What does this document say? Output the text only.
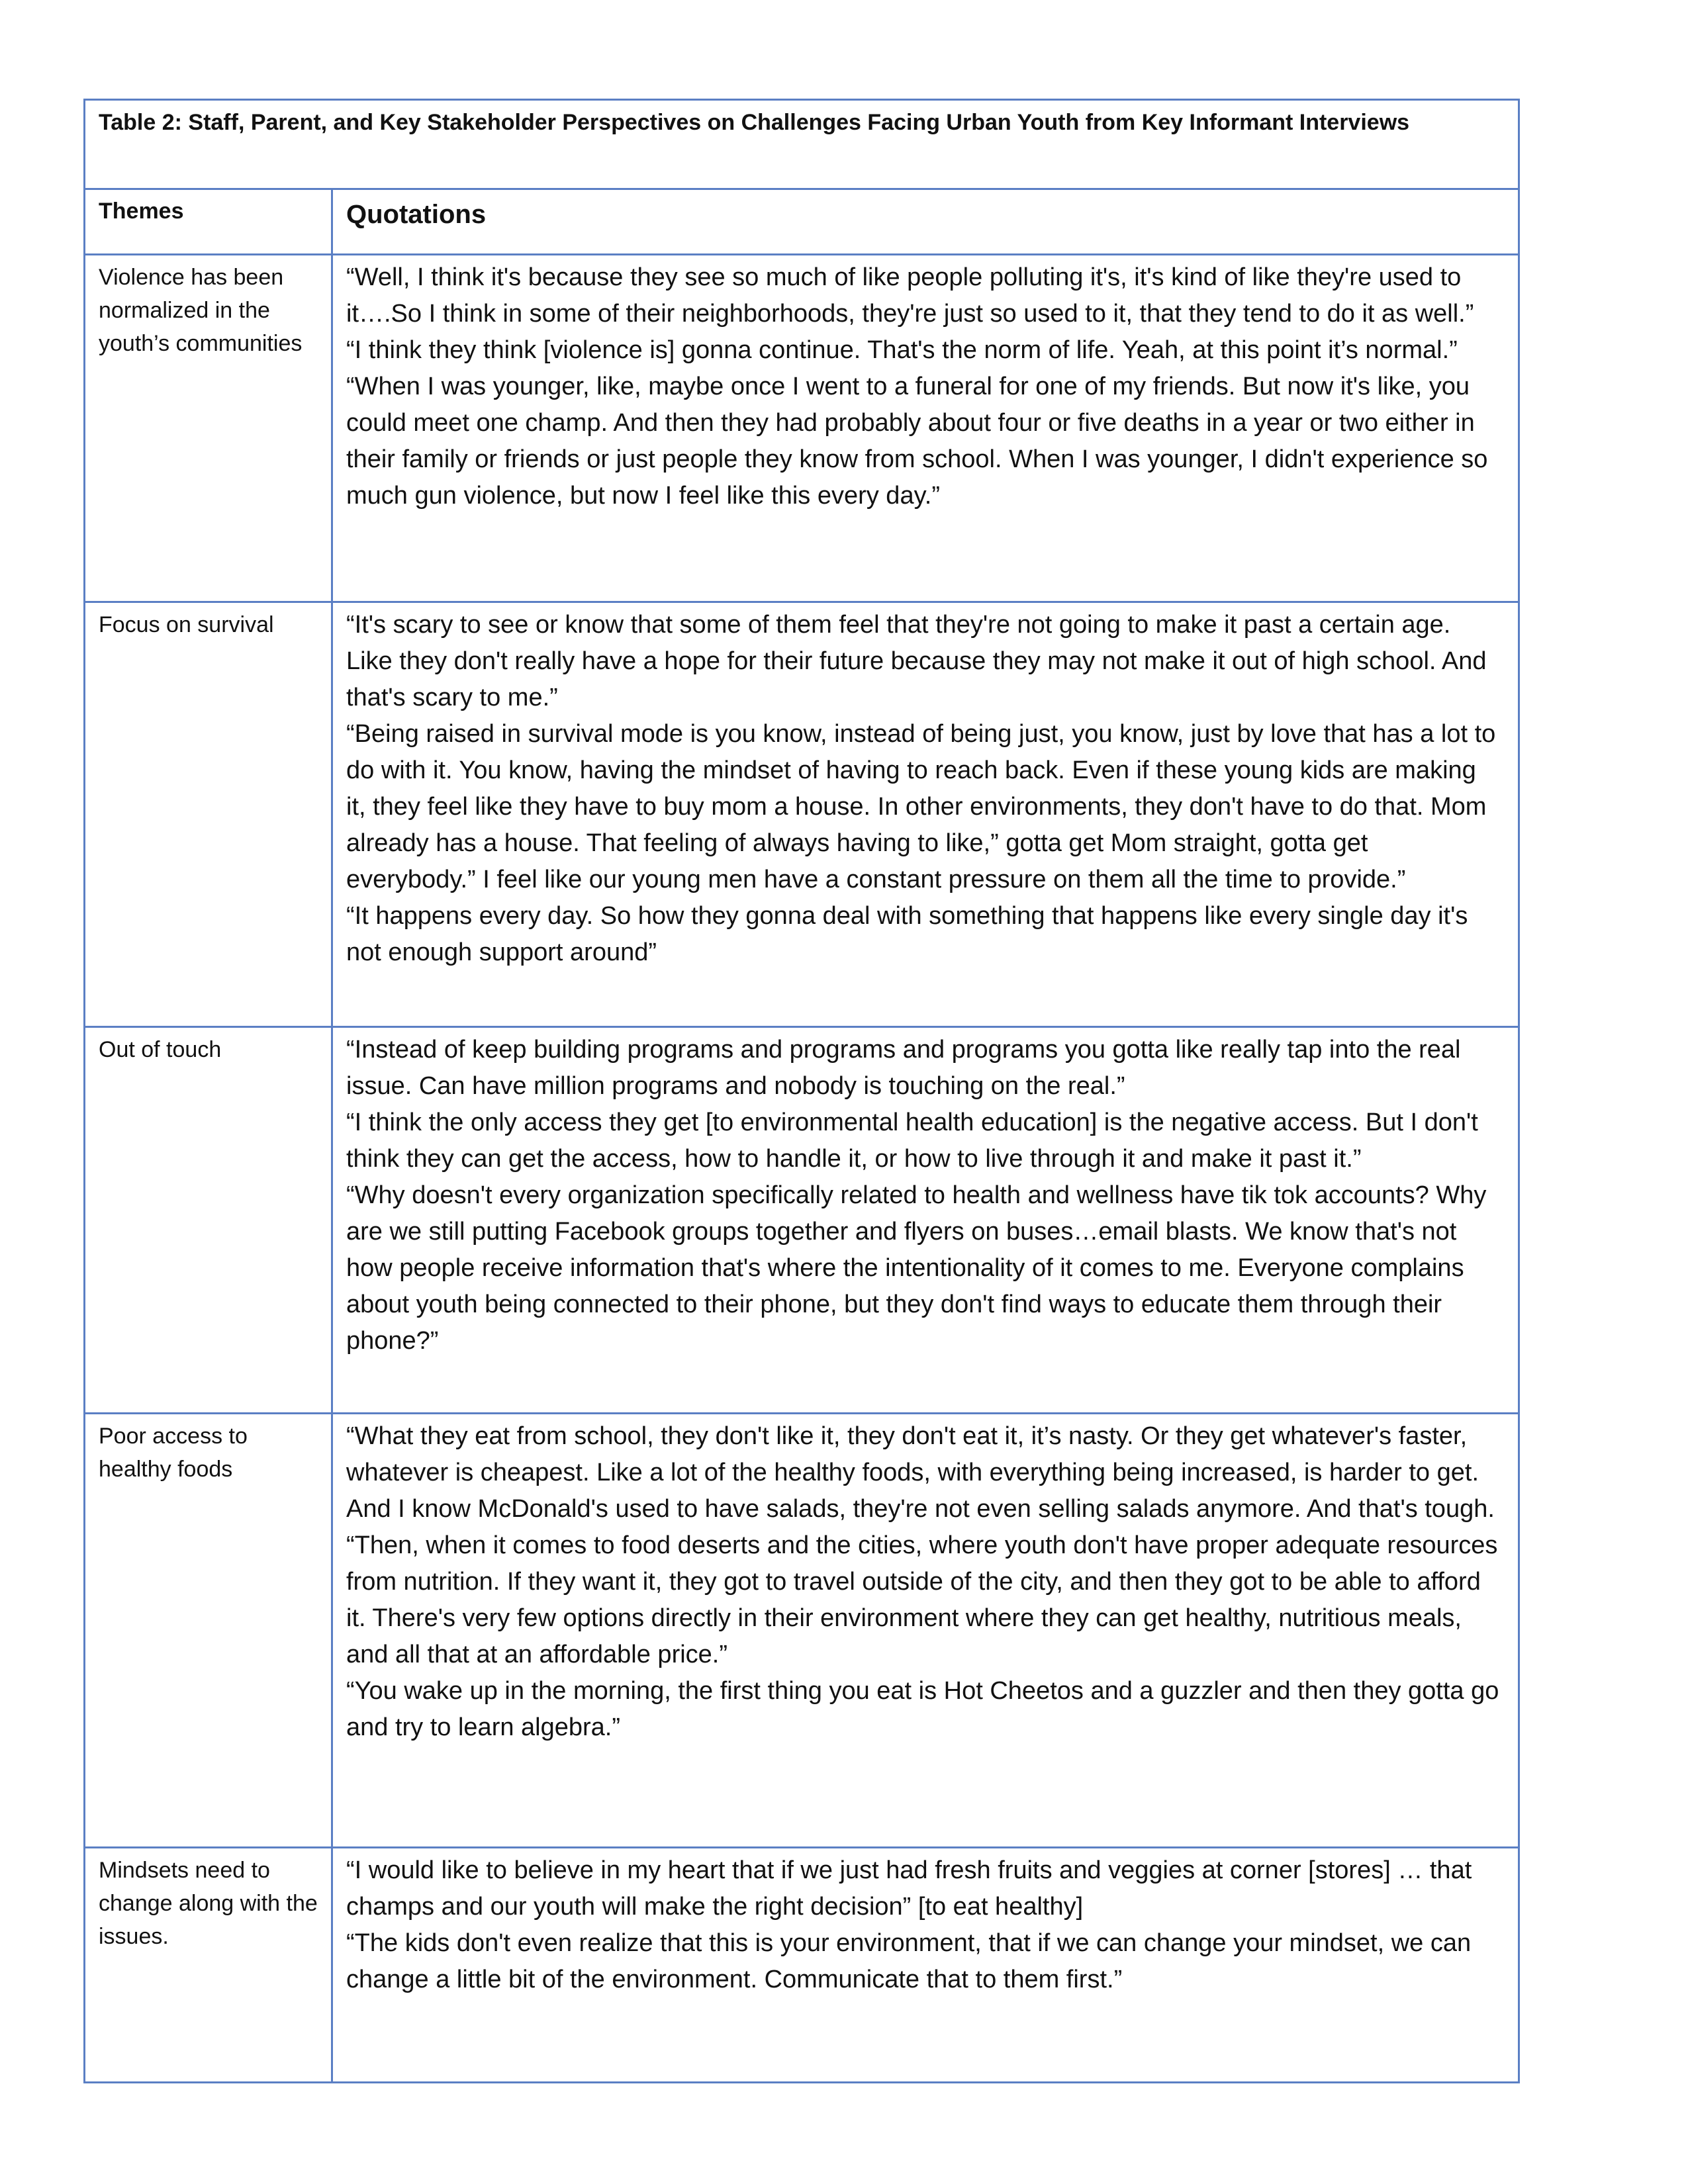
Table 2: Staff, Parent, and Key Stakeholder Perspectives on Challenges Facing Urban Youth from Key Informant Interviews	
Themes	Quotations
Violence has been normalized in the youth’s communities	“Well, I think it's because they see so much of like people polluting it's, it's kind of like they're used to it….So I think in some of their neighborhoods, they're just so used to it, that they tend to do it as well.”

“I think they think [violence is] gonna continue. That's the norm of life. Yeah, at this point it’s normal.”

“When I was younger, like, maybe once I went to a funeral for one of my friends. But now it's like, you could meet one champ. And then they had probably about four or five deaths in a year or two either in their family or friends or just people they know from school. When I was younger, I didn't experience so much gun violence, but now I feel like this every day.”

Focus on survival	“It's scary to see or know that some of them feel that they're not going to make it past a certain age. Like they don't really have a hope for their future because they may not make it out of high school. And that's scary to me.”

“Being raised in survival mode is you know, instead of being just, you know, just by love that has a lot to do with it. You know, having the mindset of having to reach back. Even if these young kids are making it, they feel like they have to buy mom a house. In other environments, they don't have to do that. Mom already has a house. That feeling of always having to like,” gotta get Mom straight, gotta get everybody.” I feel like our young men have a constant pressure on them all the time to provide.”

“It happens every day. So how they gonna deal with something that happens like every single day it's not enough support around”

Out of touch	“Instead of keep building programs and programs and programs you gotta like really tap into the real issue. Can have million programs and nobody is touching on the real.”

“I think the only access they get [to environmental health education] is the negative access. But I don't think they can get the access, how to handle it, or how to live through it and make it past it.”

“Why doesn't every organization specifically related to health and wellness have tik tok accounts? Why are we still putting Facebook groups together and flyers on buses…email blasts. We know that's not how people receive information that's where the intentionality of it comes to me. Everyone complains about youth being connected to their phone, but they don't find ways to educate them through their phone?”

Poor access to healthy foods	“What they eat from school, they don't like it, they don't eat it, it’s nasty. Or they get whatever's faster, whatever is cheapest. Like a lot of the healthy foods, with everything being increased, is harder to get. And I know McDonald's used to have salads, they're not even selling salads anymore. And that's tough.

“Then, when it comes to food deserts and the cities, where youth don't have proper adequate resources from nutrition. If they want it, they got to travel outside of the city, and then they got to be able to afford it. There's very few options directly in their environment where they can get healthy, nutritious meals, and all that at an affordable price.”

“You wake up in the morning, the first thing you eat is Hot Cheetos and a guzzler and then they gotta go and try to learn algebra.”

Mindsets need to change along with the issues.	“I would like to believe in my heart that if we just had fresh fruits and veggies at corner [stores] … that champs and our youth will make the right decision” [to eat healthy]

“The kids don't even realize that this is your environment, that if we can change your mindset, we can change a little bit of the environment. Communicate that to them first.”
